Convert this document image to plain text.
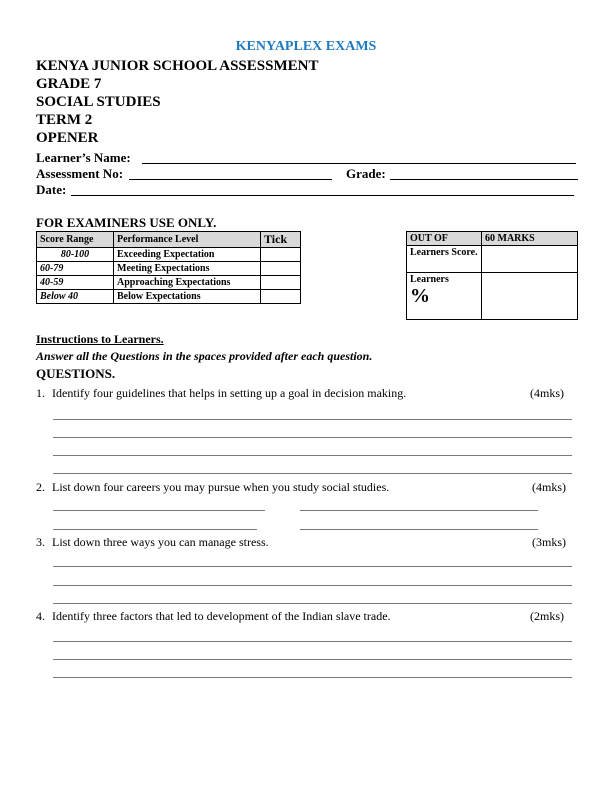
KENYAPLEX EXAMS
KENYA JUNIOR SCHOOL ASSESSMENT
GRADE 7
SOCIAL STUDIES
TERM 2
OPENER
Learner’s Name:
Assessment No:	Grade:
Date:
FOR EXAMINERS USE ONLY.
Score Range	Performance Level	Tick
80-100	Exceeding Expectation	
60-79	Meeting Expectations	
40-59	Approaching Expectations	
Below 40	Below Expectations	
OUT OF	60 MARKS
Learners Score.	

Learners
%	

Instructions to Learners.
Answer all the Questions in the spaces provided after each question.
QUESTIONS.
1. Identify four guidelines that helps in setting up a goal in decision making.	(4mks)
2. List down four careers you may pursue when you study social studies.	(4mks)
3. List down three ways you can manage stress.	(3mks)
4. Identify three factors that led to development of the Indian slave trade.	(2mks)
